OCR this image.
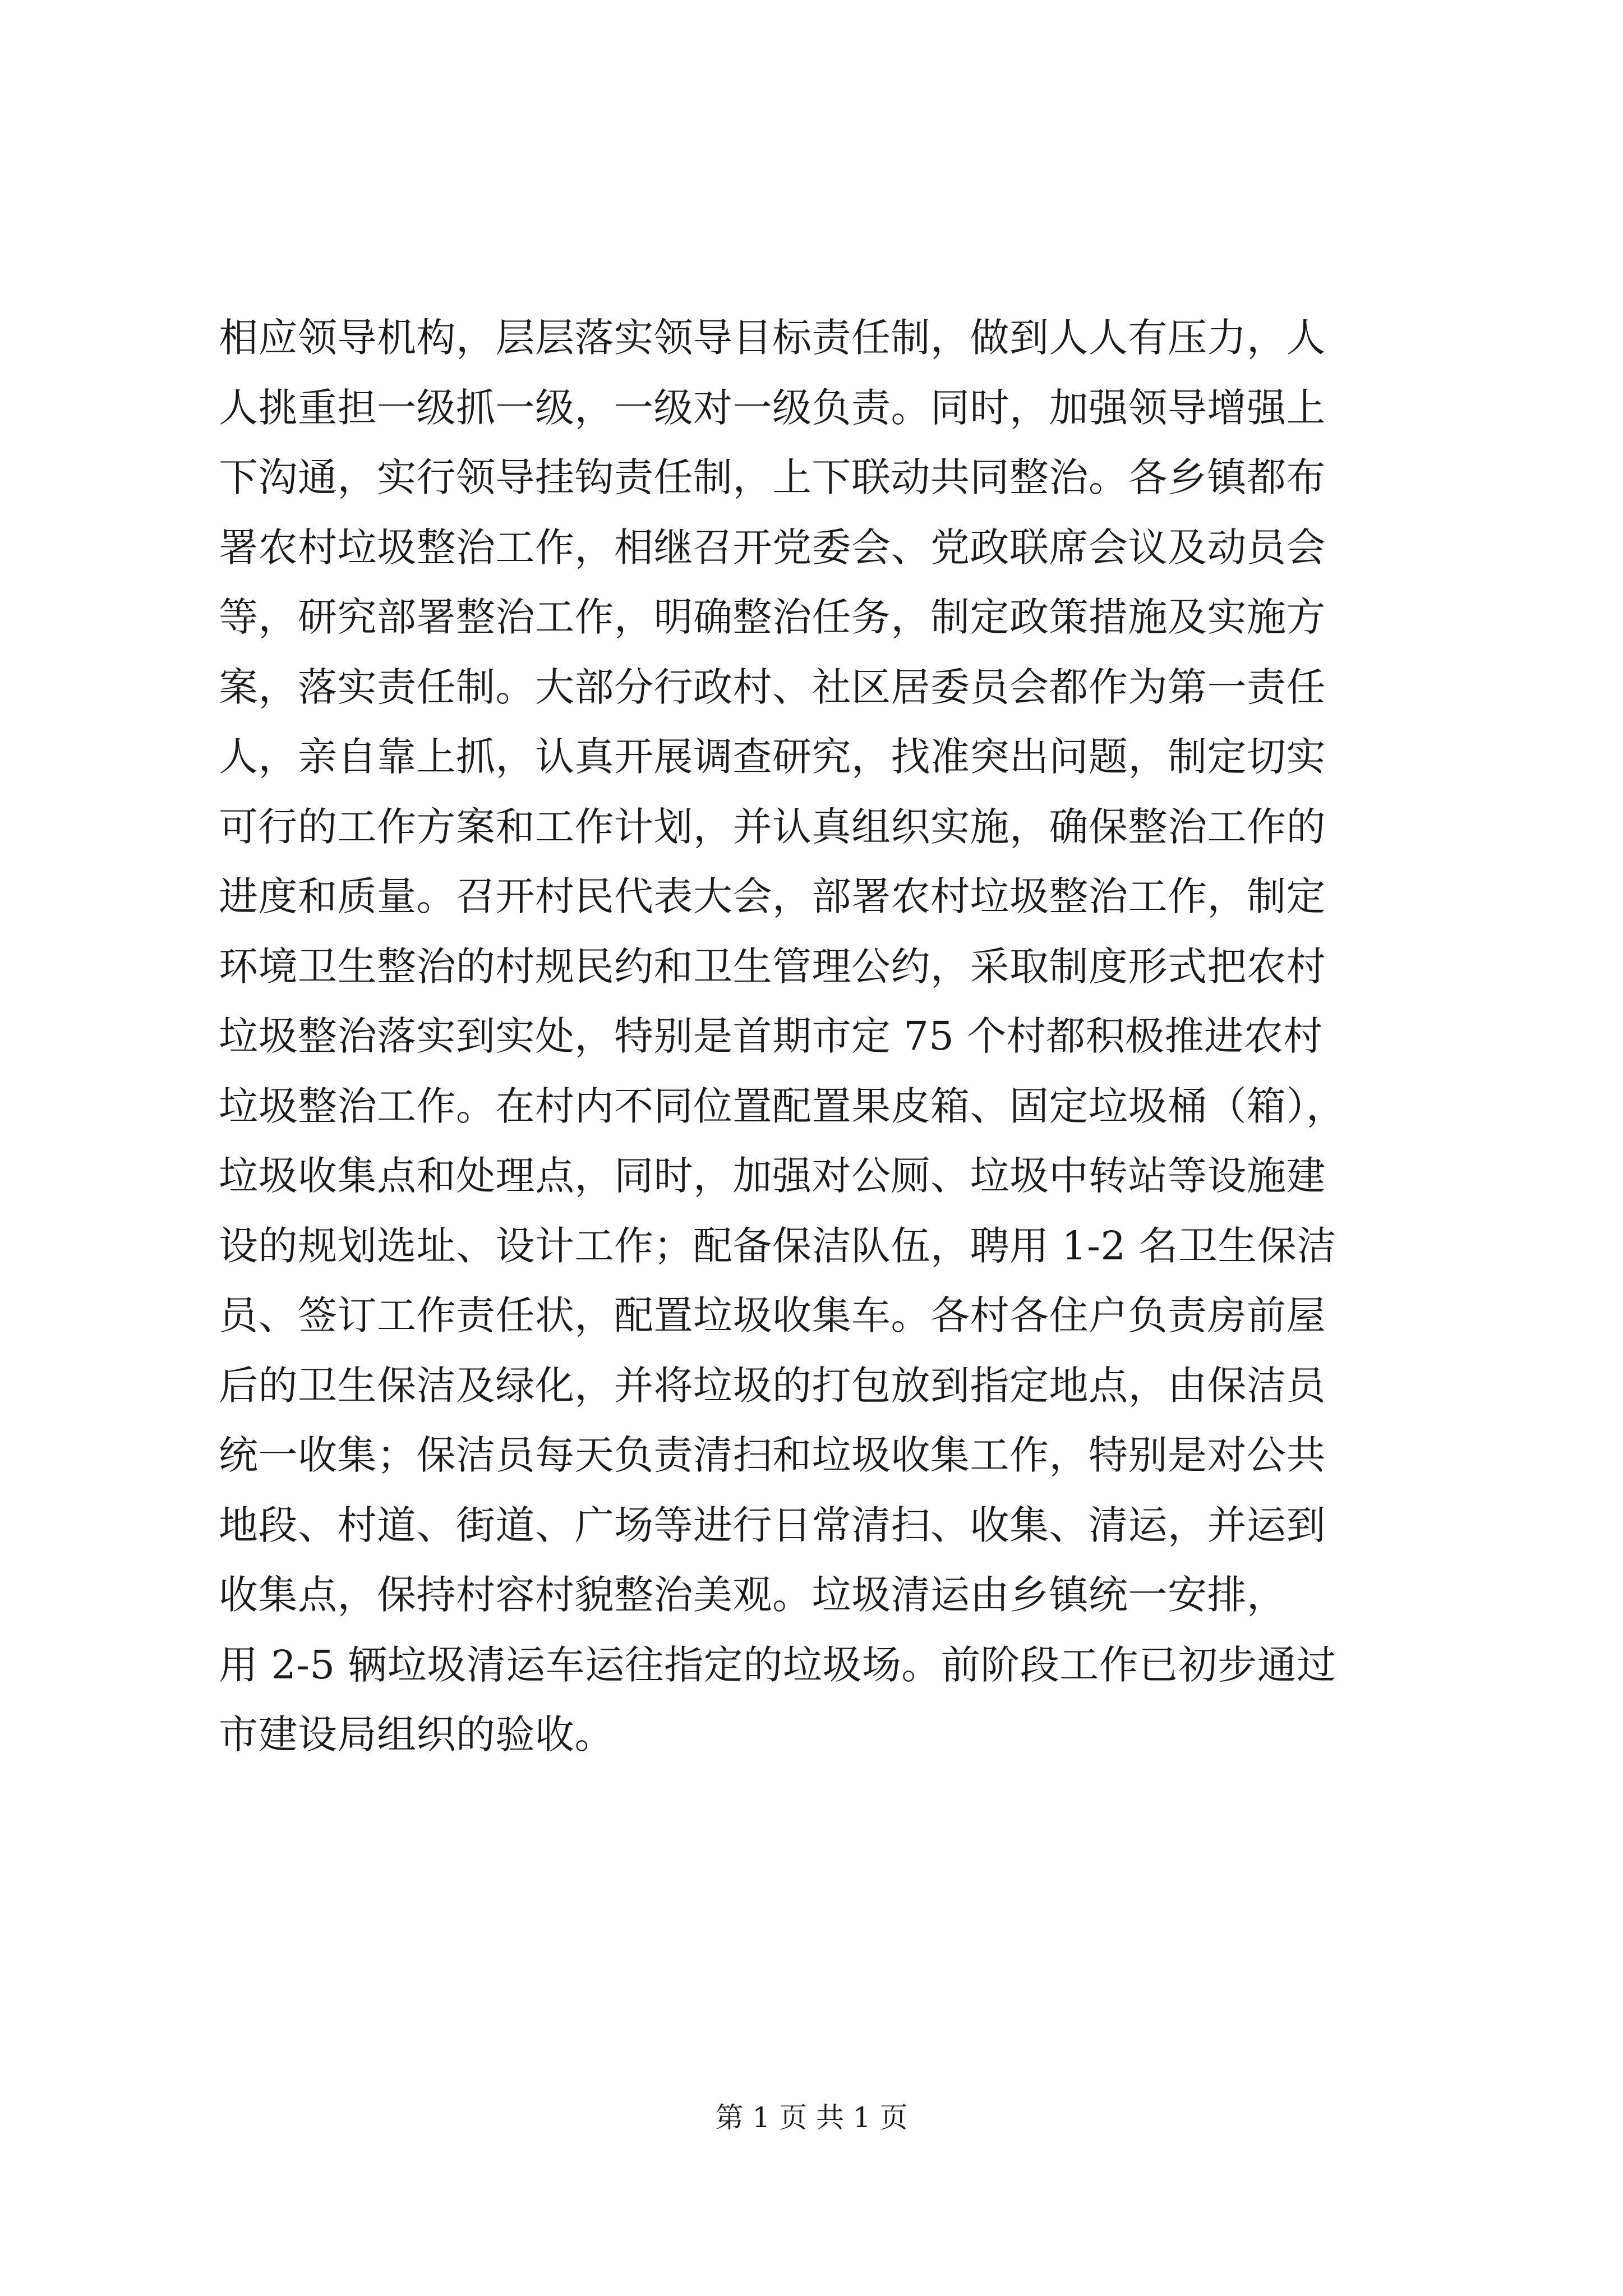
相应领导机构，层层落实领导目标责任制，做到人人有压力，人
人挑重担一级抓一级，一级对一级负责。同时，加强领导增强上
下沟通，实行领导挂钩责任制，上下联动共同整治。各乡镇都布
署农村垃圾整治工作，相继召开党委会、党政联席会议及动员会
等，研究部署整治工作，明确整治任务，制定政策措施及实施方
案，落实责任制。大部分行政村、社区居委员会都作为第一责任
人，亲自靠上抓，认真开展调查研究，找准突出问题，制定切实
可行的工作方案和工作计划，并认真组织实施，确保整治工作的
进度和质量。召开村民代表大会，部署农村垃圾整治工作，制定
环境卫生整治的村规民约和卫生管理公约，采取制度形式把农村
垃圾整治落实到实处，特别是首期市定 75 个村都积极推进农村
垃圾整治工作。在村内不同位置配置果皮箱、固定垃圾桶（箱），
垃圾收集点和处理点，同时，加强对公厕、垃圾中转站等设施建
设的规划选址、设计工作；配备保洁队伍，聘用 1-2 名卫生保洁
员、签订工作责任状，配置垃圾收集车。各村各住户负责房前屋
后的卫生保洁及绿化，并将垃圾的打包放到指定地点，由保洁员
统一收集；保洁员每天负责清扫和垃圾收集工作，特别是对公共
地段、村道、街道、广场等进行日常清扫、收集、清运，并运到
收集点，保持村容村貌整治美观。垃圾清运由乡镇统一安排，
用 2-5 辆垃圾清运车运往指定的垃圾场。前阶段工作已初步通过
市建设局组织的验收。
第 1 页 共 1 页
